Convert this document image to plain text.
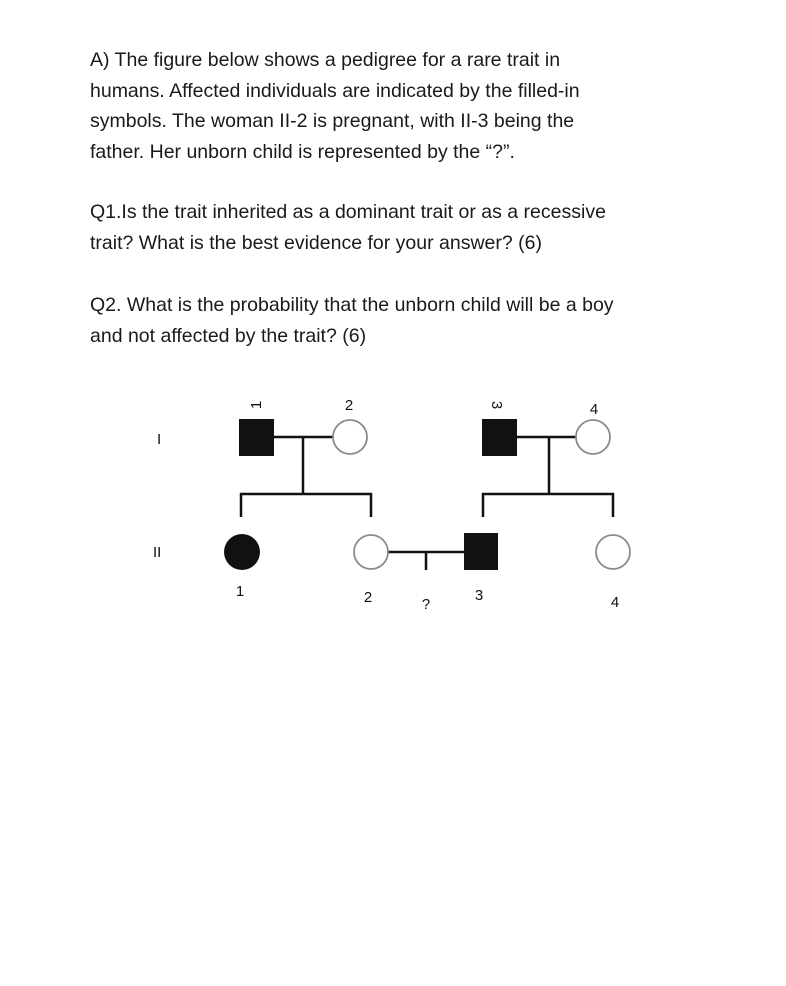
A) The figure below shows a pedigree for a rare trait in
humans. Affected individuals are indicated by the filled-in
symbols. The woman II-2 is pregnant, with II-3 being the
father. Her unborn child is represented by the “?”.
Q1.Is the trait inherited as a dominant trait or as a recessive
trait? What is the best evidence for your answer? (6)
Q2. What is the probability that the unborn child will be a boy
and not affected by the trait? (6)
I
II
1	2	3	4
1	2	?
3	4
